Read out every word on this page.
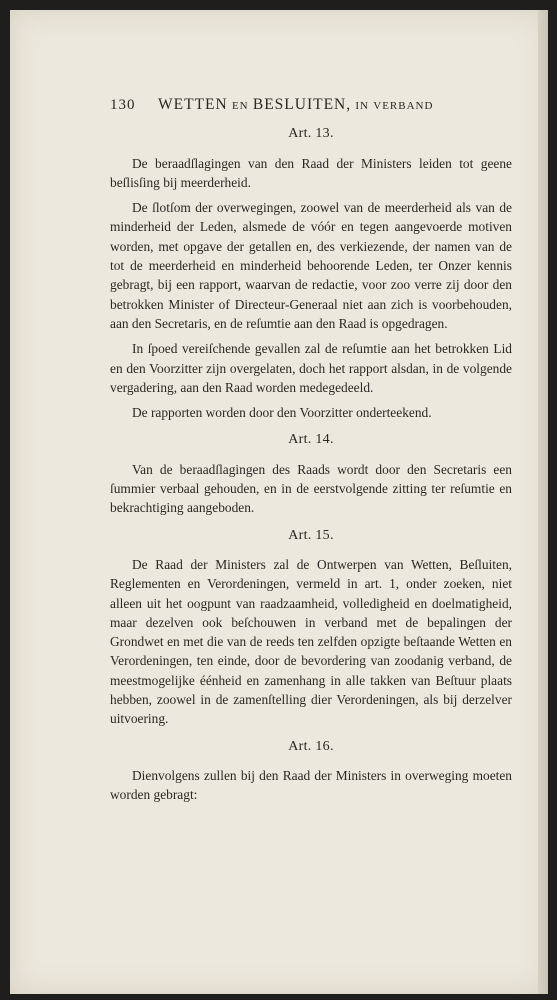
130	WETTEN EN BESLUITEN, IN VERBAND
Art. 13.

De beraadſlagingen van den Raad der Ministers leiden tot geene beſlisſing bij meerderheid.

De ſlotſom der overwegingen, zoowel van de meerderheid als van de minderheid der Leden, alsmede de vóór en tegen aangevoerde motiven worden, met opgave der getallen en, des verkiezende, der namen van de tot de meerderheid en minderheid behoorende Leden, ter Onzer kennis gebragt, bij een rapport, waarvan de redactie, voor zoo verre zij door den betrokken Minister of Directeur-Generaal niet aan zich is voorbehouden, aan den Secretaris, en de reſumtie aan den Raad is opgedragen.

In ſpoed vereiſchende gevallen zal de reſumtie aan het betrokken Lid en den Voorzitter zijn overgelaten, doch het rapport alsdan, in de volgende vergadering, aan den Raad worden medegedeeld.

De rapporten worden door den Voorzitter onderteekend.

Art. 14.

Van de beraadſlagingen des Raads wordt door den Secretaris een ſummier verbaal gehouden, en in de eerstvolgende zitting ter reſumtie en bekrachtiging aangeboden.

Art. 15.

De Raad der Ministers zal de Ontwerpen van Wetten, Beſluiten, Reglementen en Verordeningen, vermeld in art. 1, onder zoeken, niet alleen uit het oogpunt van raadzaamheid, volledigheid en doelmatigheid, maar dezelven ook beſchouwen in verband met de bepalingen der Grondwet en met die van de reeds ten zelfden opzigte beſtaande Wetten en Verordeningen, ten einde, door de bevordering van zoodanig verband, de meestmogelijke éénheid en zamenhang in alle takken van Beſtuur plaats hebben, zoowel in de zamenſtelling dier Verordeningen, als bij derzelver uitvoering.

Art. 16.

Dienvolgens zullen bij den Raad der Ministers in overweging moeten worden gebragt:
